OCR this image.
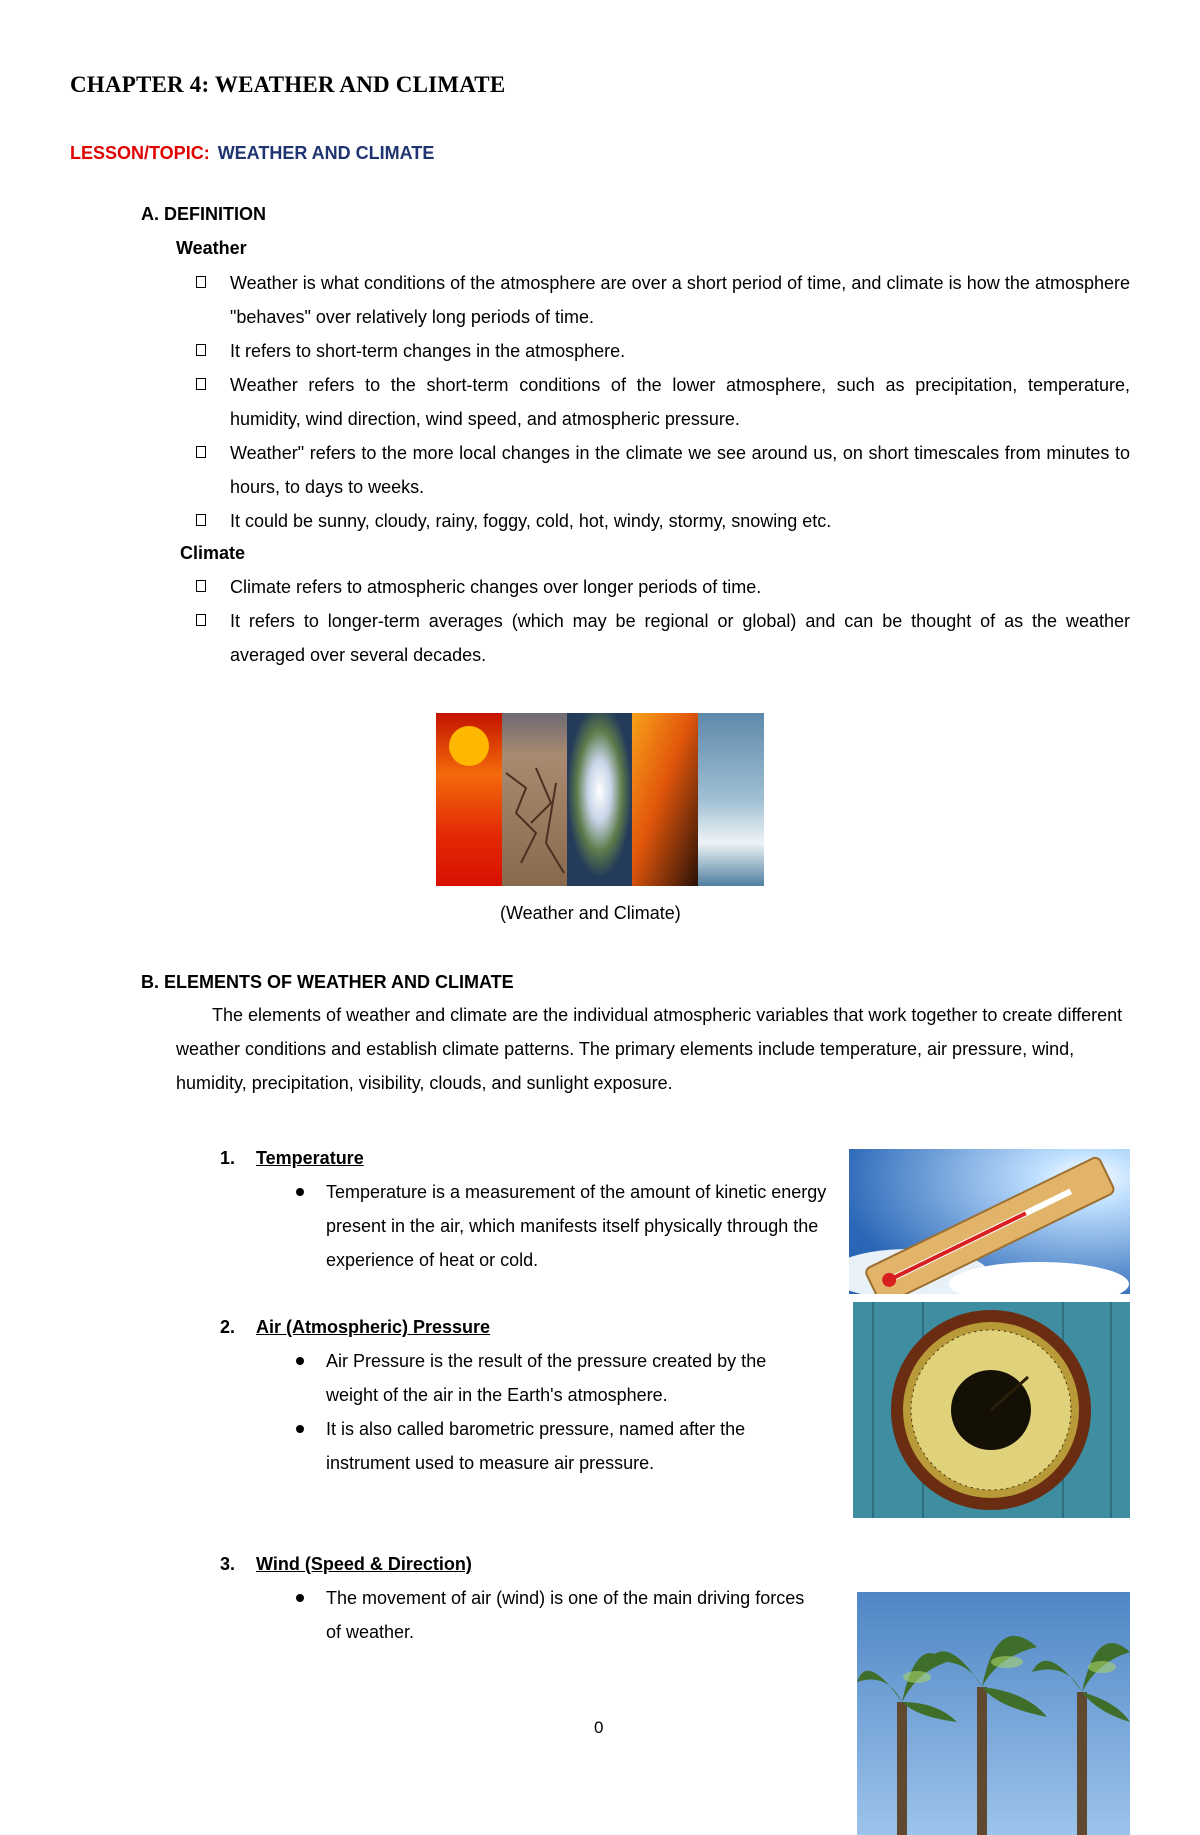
CHAPTER 4: WEATHER AND CLIMATE
LESSON/TOPIC: WEATHER AND CLIMATE
A. DEFINITION
Weather
Weather is what conditions of the atmosphere are over a short period of time, and climate is how the atmosphere "behaves" over relatively long periods of time.
It refers to short-term changes in the atmosphere.
Weather refers to the short-term conditions of the lower atmosphere, such as precipitation, temperature, humidity, wind direction, wind speed, and atmospheric pressure.
Weather" refers to the more local changes in the climate we see around us, on short timescales from minutes to hours, to days to weeks.
It could be sunny, cloudy, rainy, foggy, cold, hot, windy, stormy, snowing etc.
Climate
Climate refers to atmospheric changes over longer periods of time.
It refers to longer-term averages (which may be regional or global) and can be thought of as the weather averaged over several decades.
(Weather and Climate)
B. ELEMENTS OF WEATHER AND CLIMATE
The elements of weather and climate are the individual atmospheric variables that work together to create different weather conditions and establish climate patterns. The primary elements include temperature, air pressure, wind, humidity, precipitation, visibility, clouds, and sunlight exposure.
1. Temperature
Temperature is a measurement of the amount of kinetic energy present in the air, which manifests itself physically through the experience of heat or cold.
2. Air (Atmospheric) Pressure
Air Pressure is the result of the pressure created by the weight of the air in the Earth's atmosphere.
It is also called barometric pressure, named after the instrument used to measure air pressure.
3. Wind (Speed & Direction)
The movement of air (wind) is one of the main driving forces of weather.
0
